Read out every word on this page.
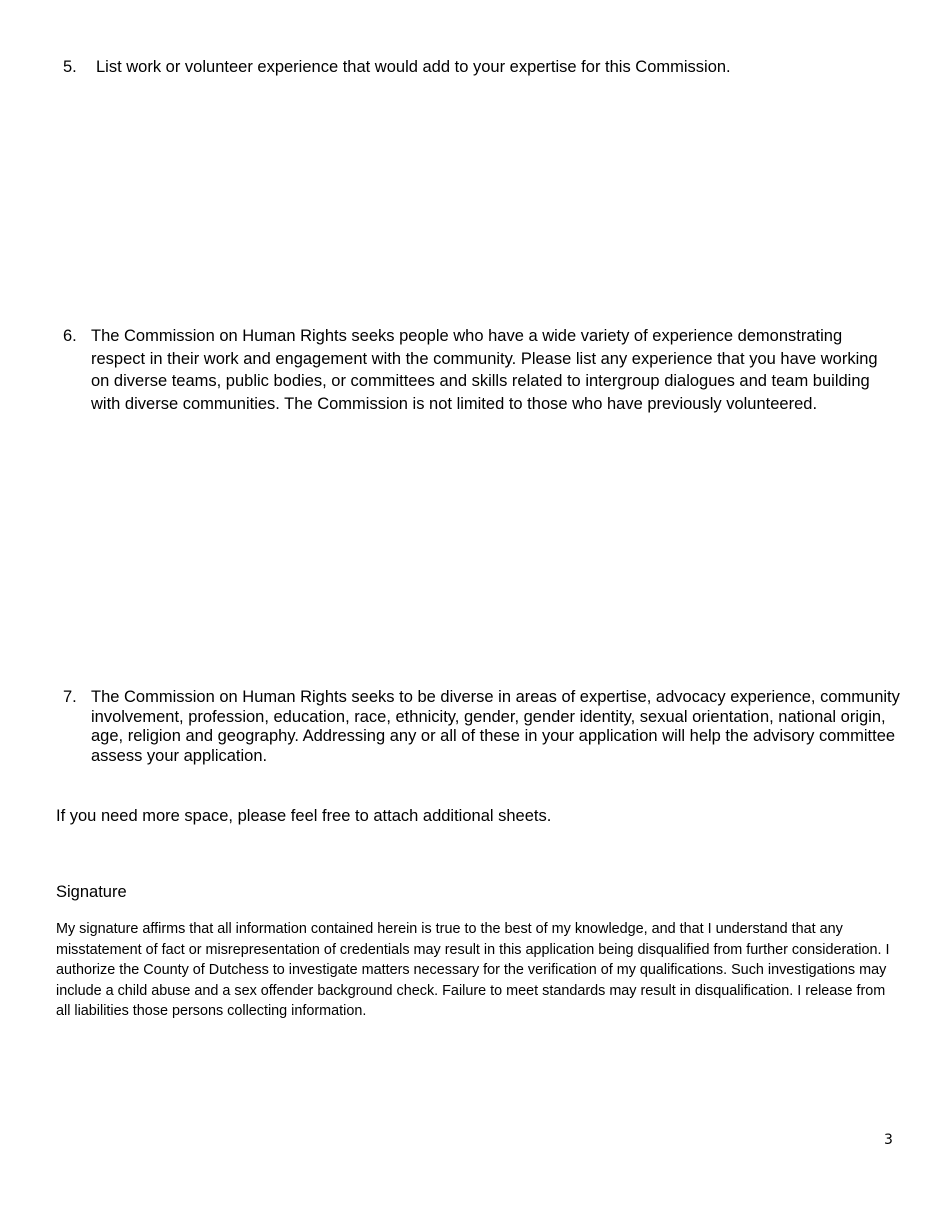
5. List work or volunteer experience that would add to your expertise for this Commission.
6. The Commission on Human Rights seeks people who have a wide variety of experience demonstrating respect in their work and engagement with the community. Please list any experience that you have working on diverse teams, public bodies, or committees and skills related to intergroup dialogues and team building with diverse communities. The Commission is not limited to those who have previously volunteered.
7. The Commission on Human Rights seeks to be diverse in areas of expertise, advocacy experience, community involvement, profession, education, race, ethnicity, gender, gender identity, sexual orientation, national origin, age, religion and geography. Addressing any or all of these in your application will help the advisory committee assess your application.
If you need more space, please feel free to attach additional sheets.
Signature
My signature affirms that all information contained herein is true to the best of my knowledge, and that I understand that any misstatement of fact or misrepresentation of credentials may result in this application being disqualified from further consideration. I authorize the County of Dutchess to investigate matters necessary for the verification of my qualifications. Such investigations may include a child abuse and a sex offender background check. Failure to meet standards may result in disqualification. I release from all liabilities those persons collecting information.
3
